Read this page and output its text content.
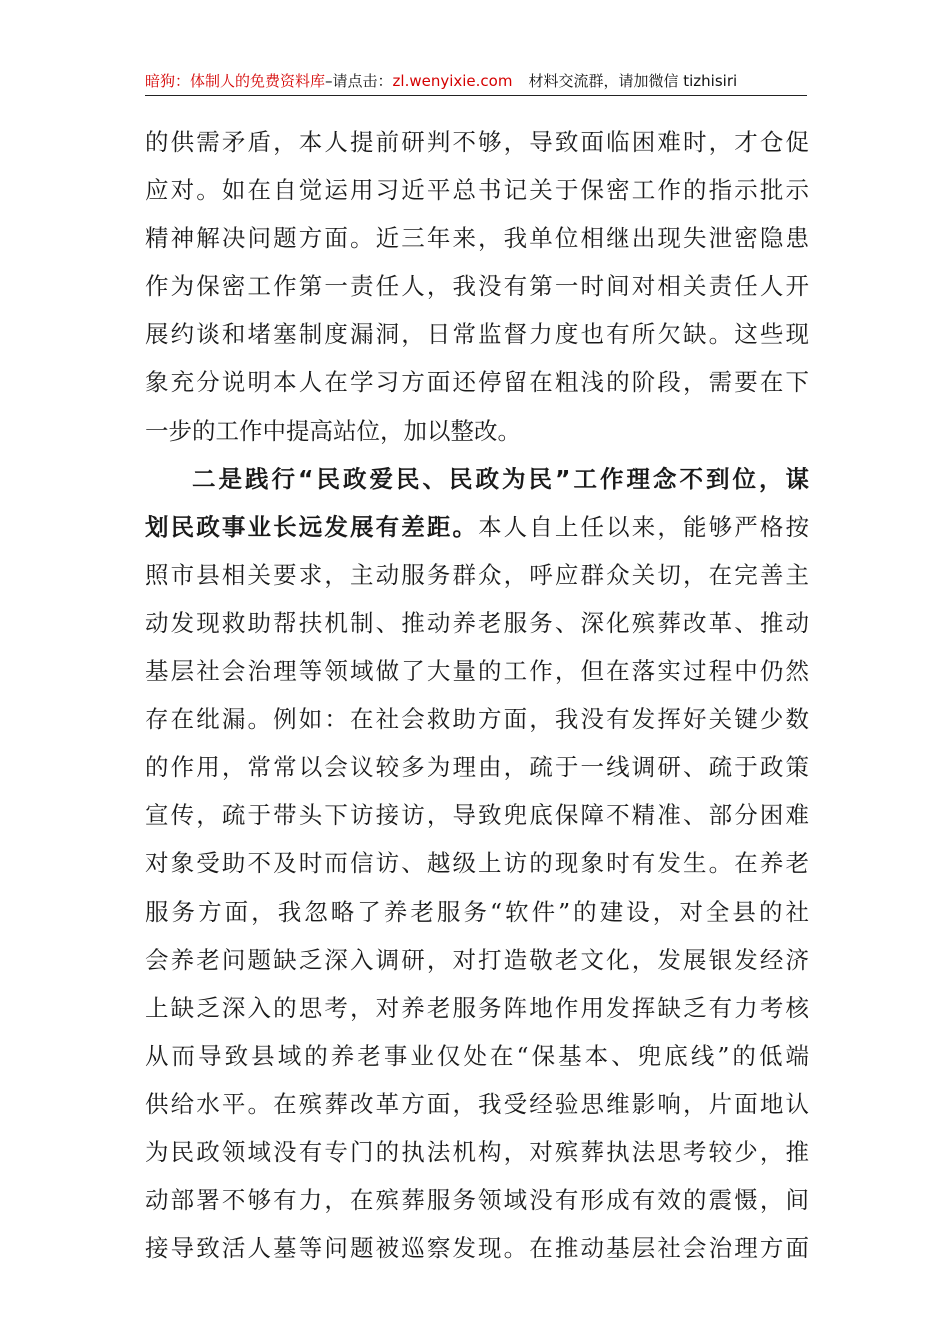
暗狗：体制人的免费资料库–请点击：zl.wenyixie.com 材料交流群，请加微信 tizhisiri
的供需矛盾，本人提前研判不够，导致面临困难时，才仓促
应对。如在自觉运用习近平总书记关于保密工作的指示批示
精神解决问题方面。近三年来，我单位相继出现失泄密隐患
作为保密工作第一责任人，我没有第一时间对相关责任人开
展约谈和堵塞制度漏洞，日常监督力度也有所欠缺。这些现
象充分说明本人在学习方面还停留在粗浅的阶段，需要在下
一步的工作中提高站位，加以整改。
二是践行“民政爱民、民政为民”工作理念不到位，谋
划民政事业长远发展有差距。本人自上任以来，能够严格按
照市县相关要求，主动服务群众，呼应群众关切，在完善主
动发现救助帮扶机制、推动养老服务、深化殡葬改革、推动
基层社会治理等领域做了大量的工作，但在落实过程中仍然
存在纰漏。例如：在社会救助方面，我没有发挥好关键少数
的作用，常常以会议较多为理由，疏于一线调研、疏于政策
宣传，疏于带头下访接访，导致兜底保障不精准、部分困难
对象受助不及时而信访、越级上访的现象时有发生。在养老
服务方面，我忽略了养老服务“软件”的建设，对全县的社
会养老问题缺乏深入调研，对打造敬老文化，发展银发经济
上缺乏深入的思考，对养老服务阵地作用发挥缺乏有力考核
从而导致县域的养老事业仅处在“保基本、兜底线”的低端
供给水平。在殡葬改革方面，我受经验思维影响，片面地认
为民政领域没有专门的执法机构，对殡葬执法思考较少，推
动部署不够有力，在殡葬服务领域没有形成有效的震慑，间
接导致活人墓等问题被巡察发现。在推动基层社会治理方面
